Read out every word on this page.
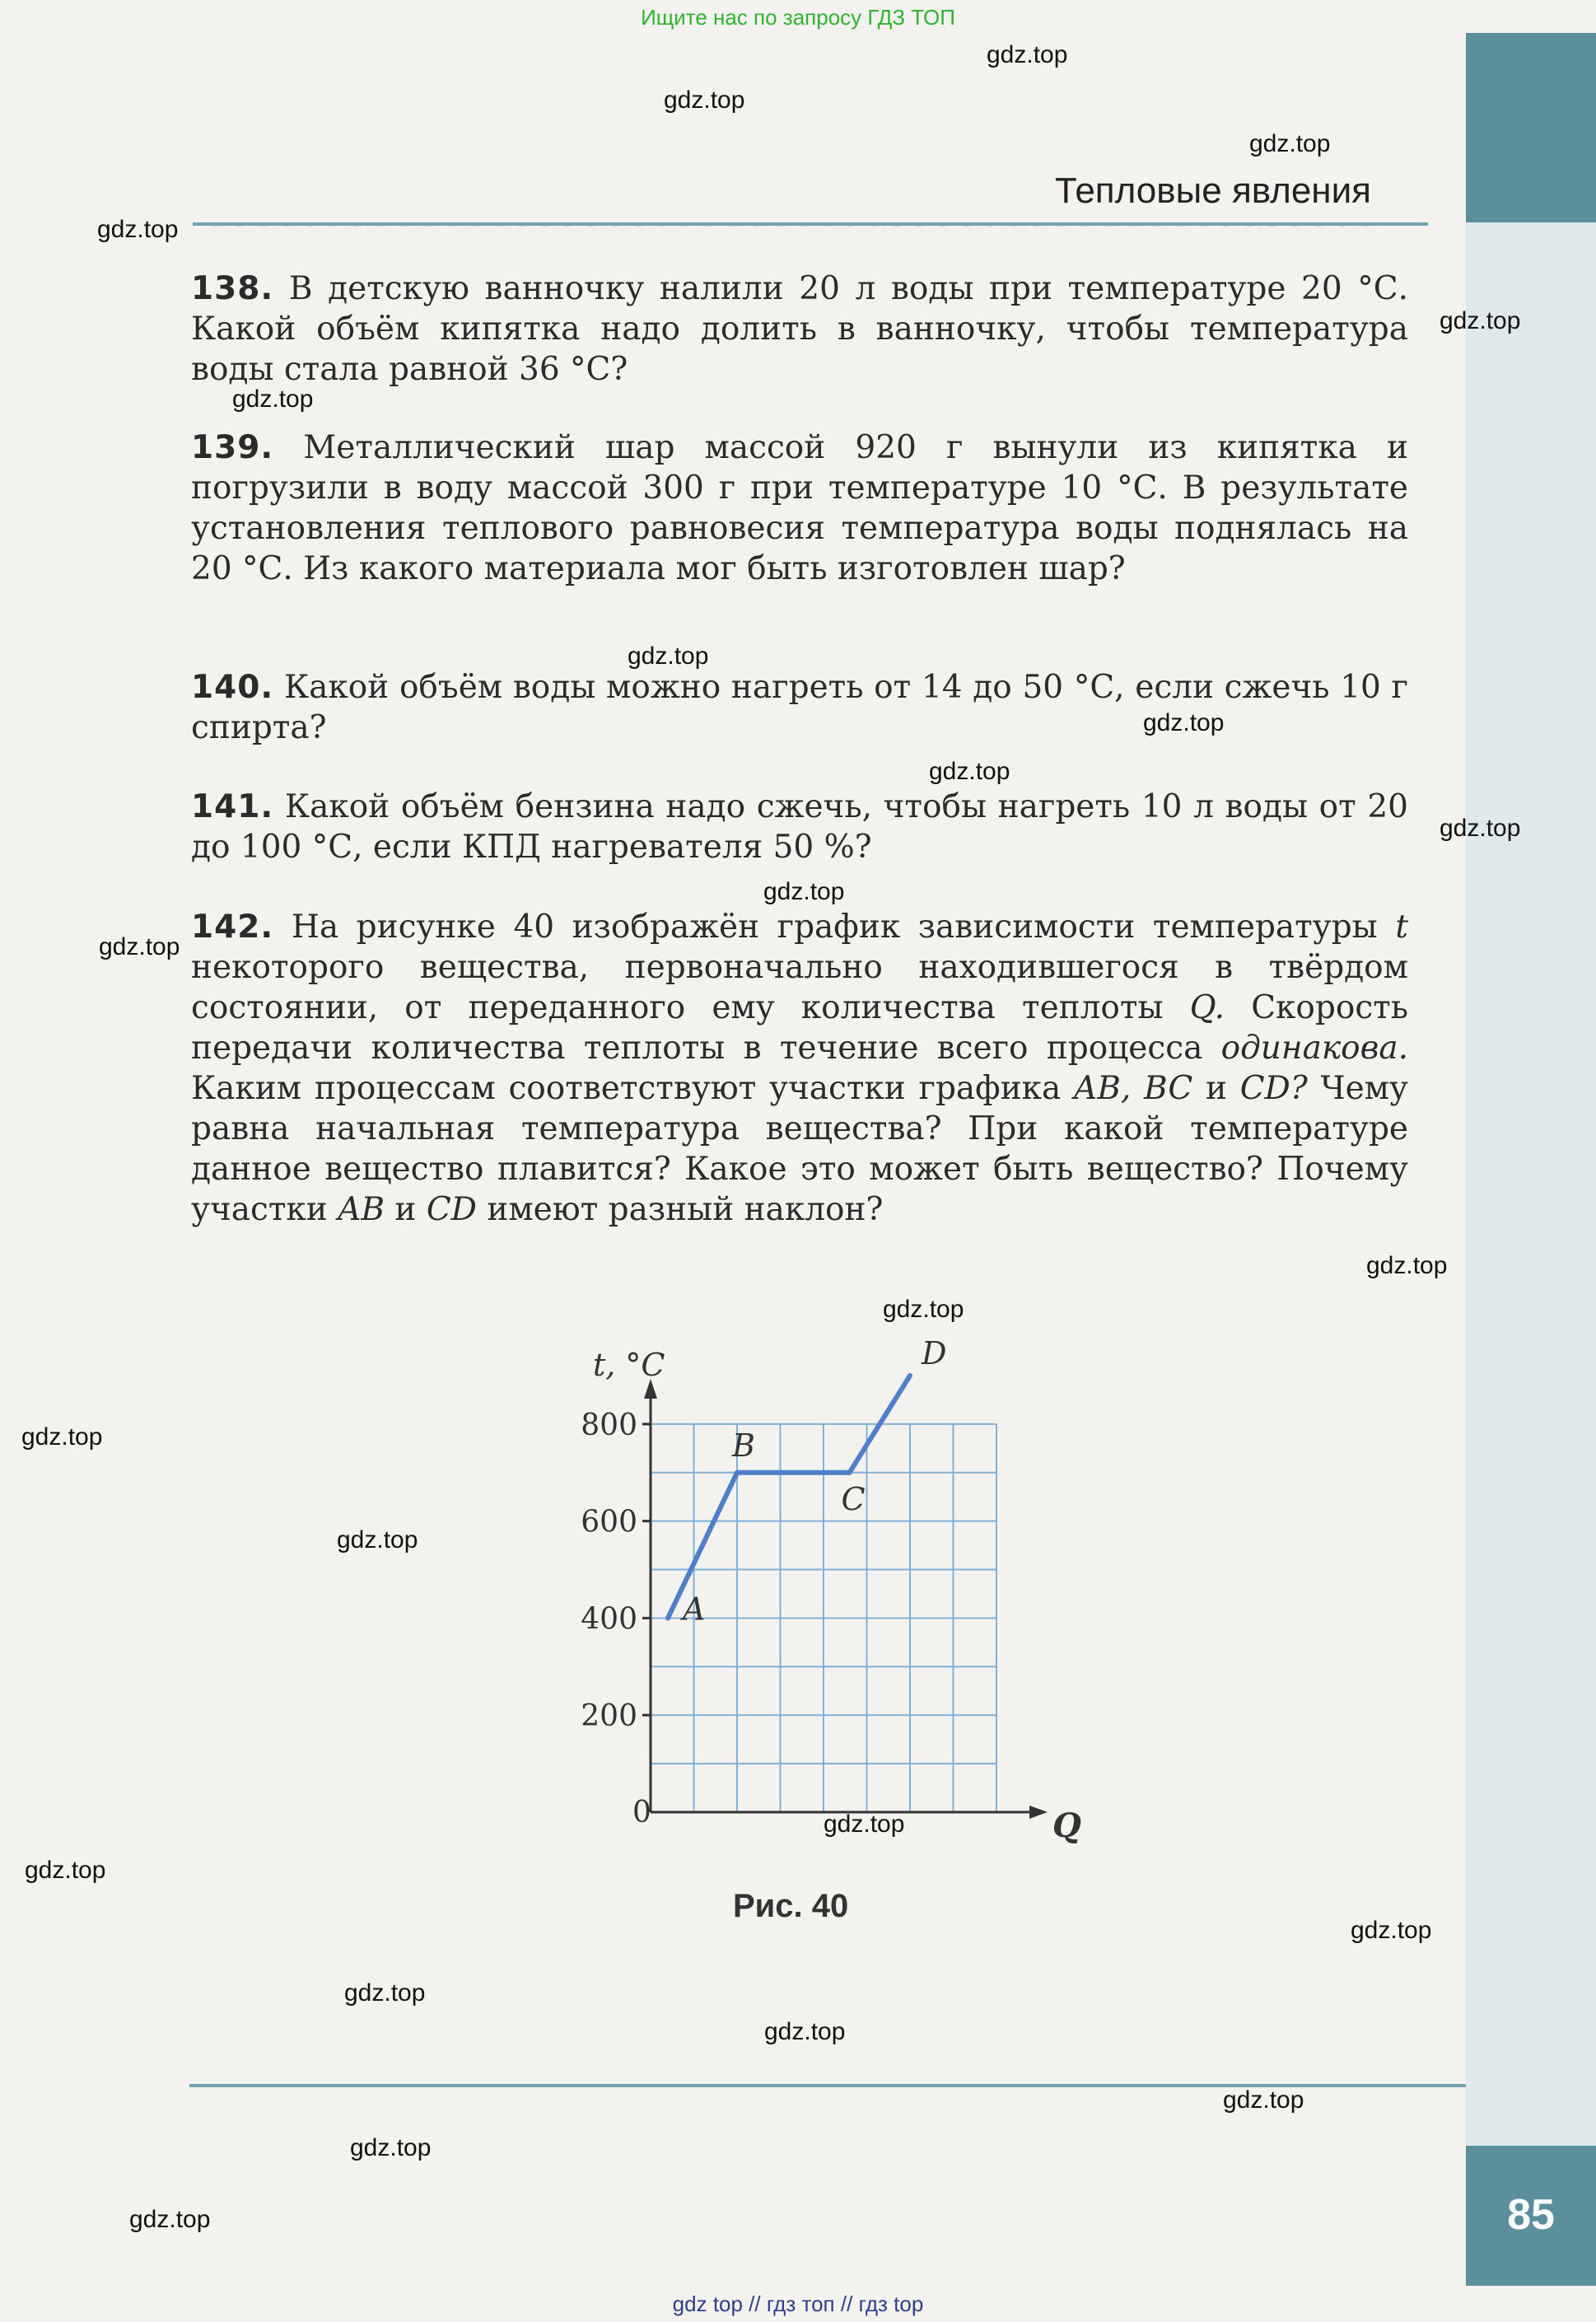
~~~~~~~~~~~~~~~~~~~~~~~~~~~~~~~~~~~~~~~~~~~~~~~~~~

85
Ищите нас по запросу ГДЗ ТОП
Тепловые явления
138. В детскую ванночку налили 20 л воды при температуре 20 °С. Какой объём кипятка надо долить в ванночку, чтобы температура воды стала равной 36 °С?
139. Металлический шар массой 920 г вынули из кипятка и погрузили в воду массой 300 г при температуре 10 °С. В результате установления теплового равновесия температура воды поднялась на 20 °С. Из какого материала мог быть изготовлен шар?
140. Какой объём воды можно нагреть от 14 до 50 °С, если сжечь 10 г спирта?
141. Какой объём бензина надо сжечь, чтобы нагреть 10 л воды от 20 до 100 °С, если КПД нагревателя 50 %?
142. На рисунке 40 изображён график зависимости температуры t некоторого вещества, первоначально находившегося в твёрдом состоянии, от переданного ему количества теплоты Q. Скорость передачи количества теплоты в течение всего процесса одинакова. Каким процессам соответствуют участки графика AB, BC и CD? Чему равна начальная температура вещества? При какой температуре данное вещество плавится? Какое это может быть вещество? Почему участки AB и CD имеют разный наклон?
200
400
600
800
t, °C
Q
0
A
B
C
D
Рис. 40
gdz.top
gdz.top
gdz.top
gdz.top
gdz.top
gdz.top
gdz.top
gdz.top
gdz.top
gdz.top
gdz.top
gdz.top
gdz.top
gdz.top
gdz.top
gdz.top
gdz.top
gdz.top
gdz.top
gdz.top
gdz.top
gdz.top
gdz.top
gdz.top
gdz top // гдз топ // гдз top
